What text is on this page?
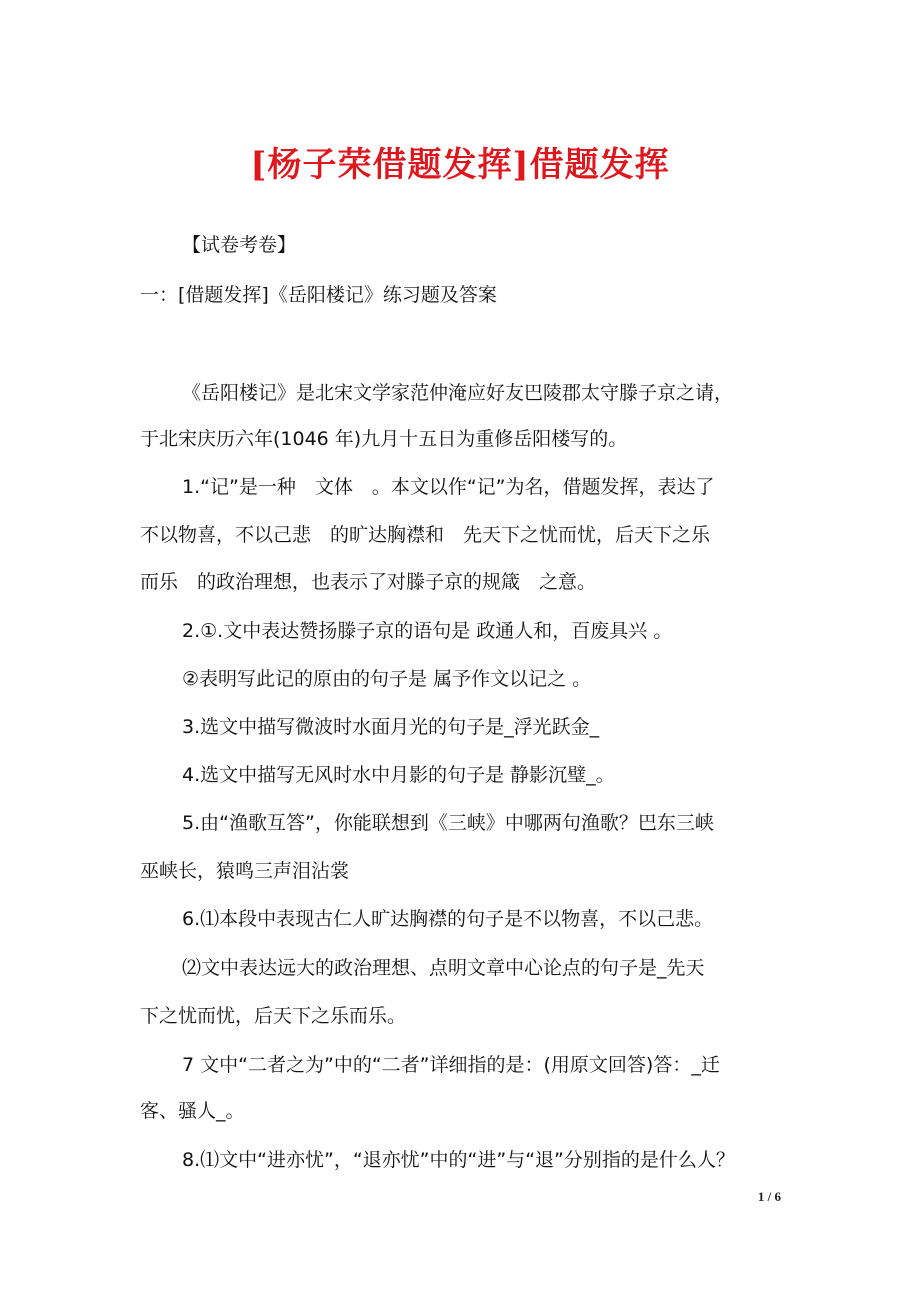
[杨子荣借题发挥]借题发挥

【试卷考卷】

一：[借题发挥]《岳阳楼记》练习题及答案

《岳阳楼记》是北宋文学家范仲淹应好友巴陵郡太守滕子京之请，

于北宋庆历六年(1046 年)九月十五日为重修岳阳楼写的。

1.“记”是一种　文体　。本文以作“记”为名，借题发挥，表达了

不以物喜，不以己悲　的旷达胸襟和　先天下之忧而忧，后天下之乐

而乐　的政治理想，也表示了对滕子京的规箴　之意。

2.①.文中表达赞扬滕子京的语句是 政通人和，百废具兴 。

②表明写此记的原由的句子是 属予作文以记之 。

3.选文中描写微波时水面月光的句子是_浮光跃金_

4.选文中描写无风时水中月影的句子是 静影沉璧_。

5.由“渔歌互答”，你能联想到《三峡》中哪两句渔歌？巴东三峡

巫峡长，猿鸣三声泪沾裳

6.⑴本段中表现古仁人旷达胸襟的句子是不以物喜，不以己悲。

⑵文中表达远大的政治理想、点明文章中心论点的句子是_先天

下之忧而忧，后天下之乐而乐。

7 文中“二者之为”中的“二者”详细指的是：(用原文回答)答：_迁

客、骚人_。

8.⑴文中“进亦忧”，“退亦忧”中的“进”与“退”分别指的是什么人？

1 / 6
